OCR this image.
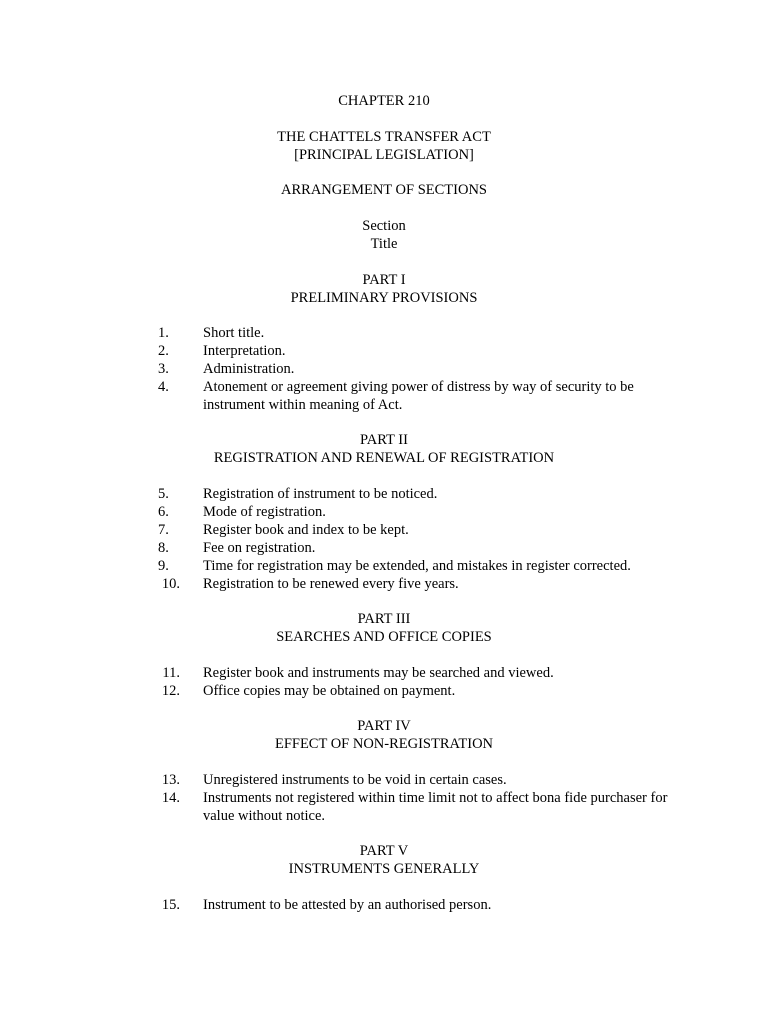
CHAPTER 210
THE CHATTELS TRANSFER ACT
[PRINCIPAL LEGISLATION]
ARRANGEMENT OF SECTIONS
Section
Title
PART I
PRELIMINARY PROVISIONS
1.	Short title.
2.	Interpretation.
3.	Administration.
4.	Atonement or agreement giving power of distress by way of security to be instrument within meaning of Act.
PART II
REGISTRATION AND RENEWAL OF REGISTRATION
5.	Registration of instrument to be noticed.
6.	Mode of registration.
7.	Register book and index to be kept.
8.	Fee on registration.
9.	Time for registration may be extended, and mistakes in register corrected.
10. Registration to be renewed every five years.
PART III
SEARCHES AND OFFICE COPIES
11. Register book and instruments may be searched and viewed.
12. Office copies may be obtained on payment.
PART IV
EFFECT OF NON-REGISTRATION
13. Unregistered instruments to be void in certain cases.
14. Instruments not registered within time limit not to affect bona fide purchaser for value without notice.
PART V
INSTRUMENTS GENERALLY
15. Instrument to be attested by an authorised person.
